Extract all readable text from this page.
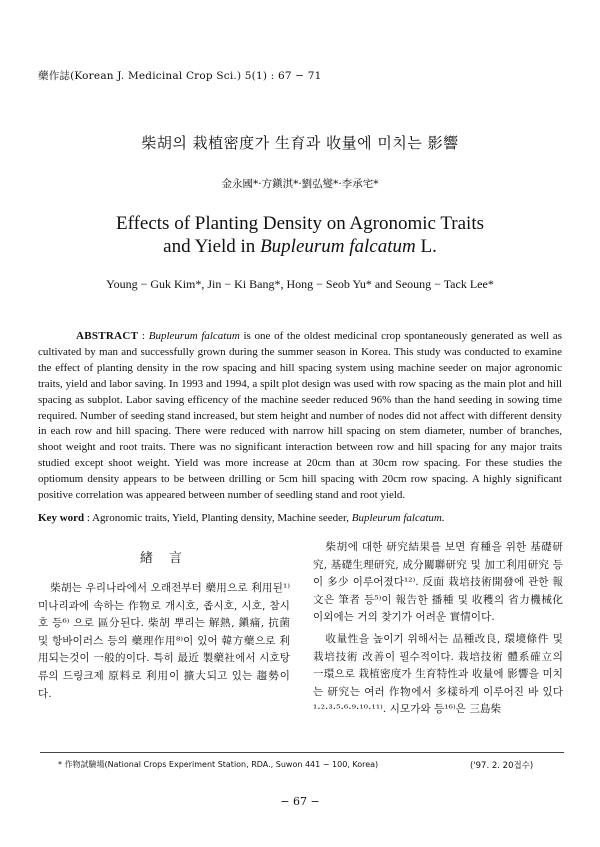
藥作誌(Korean J. Medicinal Crop Sci.) 5(1) : 67 − 71
柴胡의 栽植密度가 生育과 收量에 미치는 影響
金永國*·方鎭淇*·劉弘燮*·李承宅*
Effects of Planting Density on Agronomic Traits
and Yield in Bupleurum falcatum L.
Young − Guk Kim*, Jin − Ki Bang*, Hong − Seob Yu* and Seoung − Tack Lee*
ABSTRACT : Bupleurum falcatum is one of the oldest medicinal crop spontaneously generated as well as cultivated by man and successfully grown during the summer season in Korea. This study was conducted to examine the effect of planting density in the row spacing and hill spacing system using machine seeder on major agronomic traits, yield and labor saving. In 1993 and 1994, a spilt plot design was used with row spacing as the main plot and hill spacing as subplot. Labor saving efficency of the machine seeder reduced 96% than the hand seeding in sowing time required. Number of seeding stand increased, but stem height and number of nodes did not affect with different density in each row and hill spacing. There were reduced with narrow hill spacing on stem diameter, number of branches, shoot weight and root traits. There was no significant interaction between row and hill spacing for any major traits studied except shoot weight. Yield was more increase at 20cm than at 30cm row spacing. For these studies the optiomum density appears to be between drilling or 5cm hill spacing with 20cm row spacing. A highly significant positive correlation was appeared between number of seedling stand and root yield.
Key word : Agronomic traits, Yield, Planting density, Machine seeder, Bupleurum falcatum.
緖 言
柴胡는 우리나라에서 오래전부터 藥用으로 利用된¹⁾ 미나리과에 속하는 作物로 개시호, 좁시호, 시호, 참시호 등⁶⁾ 으로 區分된다. 柴胡 뿌리는 解熱, 鎭痛, 抗菌 및 항바이러스 등의 藥理作用⁸⁾이 있어 韓方藥으로 利用되는것이 一般的이다. 특히 最近 製藥社에서 시호탕류의 드링크제 原料로 利用이 擴大되고 있는 趨勢이다.
柴胡에 대한 研究結果를 보면 育種을 위한 基礎研究, 基礎生理研究, 成分關聯研究 및 加工利用研究 등이 多少 이루어졌다¹²⁾. 反面 栽培技術開發에 관한 報文은 筆者 등⁵⁾이 報告한 播種 및 收穫의 省力機械化 이외에는 거의 찾기가 어려운 實情이다.
收量性을 높이기 위해서는 品種改良, 環境條件 및 栽培技術 改善이 필수적이다. 栽培技術 體系確立의 一環으로 栽植密度가 生育特性과 收量에 影響을 미치는 研究는 여러 作物에서 多樣하게 이루어진 바 있다¹·²·³·⁵·⁶·⁹·¹⁰·¹¹⁾. 시모가와 등¹⁶⁾은 三島柴
* 作物試驗場(National Crops Experiment Station, RDA., Suwon 441 − 100, Korea)	('97. 2. 20접수)
− 67 −
